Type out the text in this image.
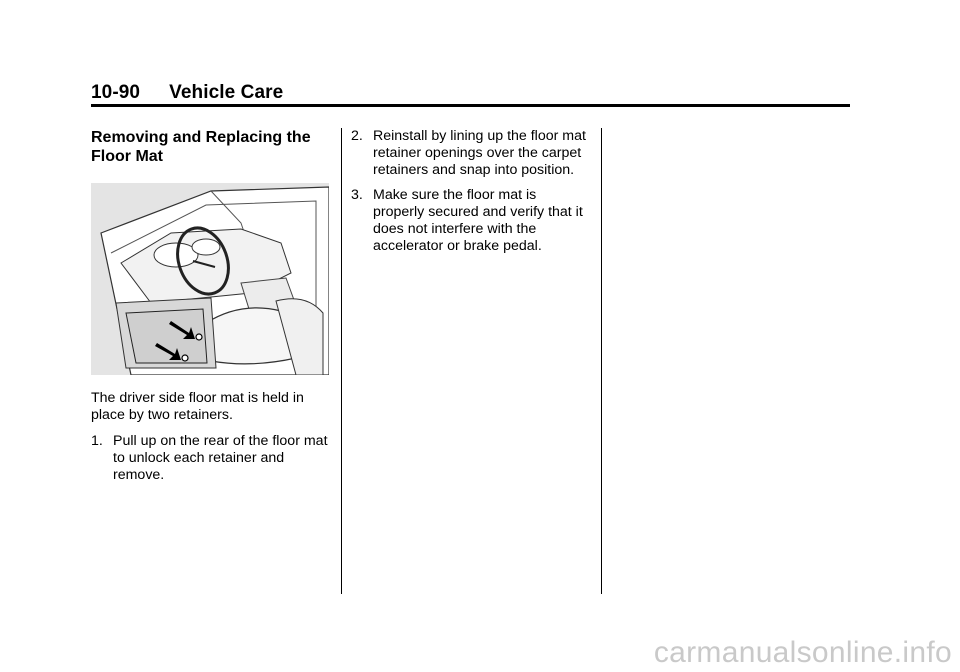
10-90 Vehicle Care
Removing and Replacing the Floor Mat

The driver side floor mat is held in place by two retainers.

1. Pull up on the rear of the floor mat to unlock each retainer and remove.
2. Reinstall by lining up the floor mat retainer openings over the carpet retainers and snap into position.
3. Make sure the floor mat is properly secured and verify that it does not interfere with the accelerator or brake pedal.
carmanualsonline.info
